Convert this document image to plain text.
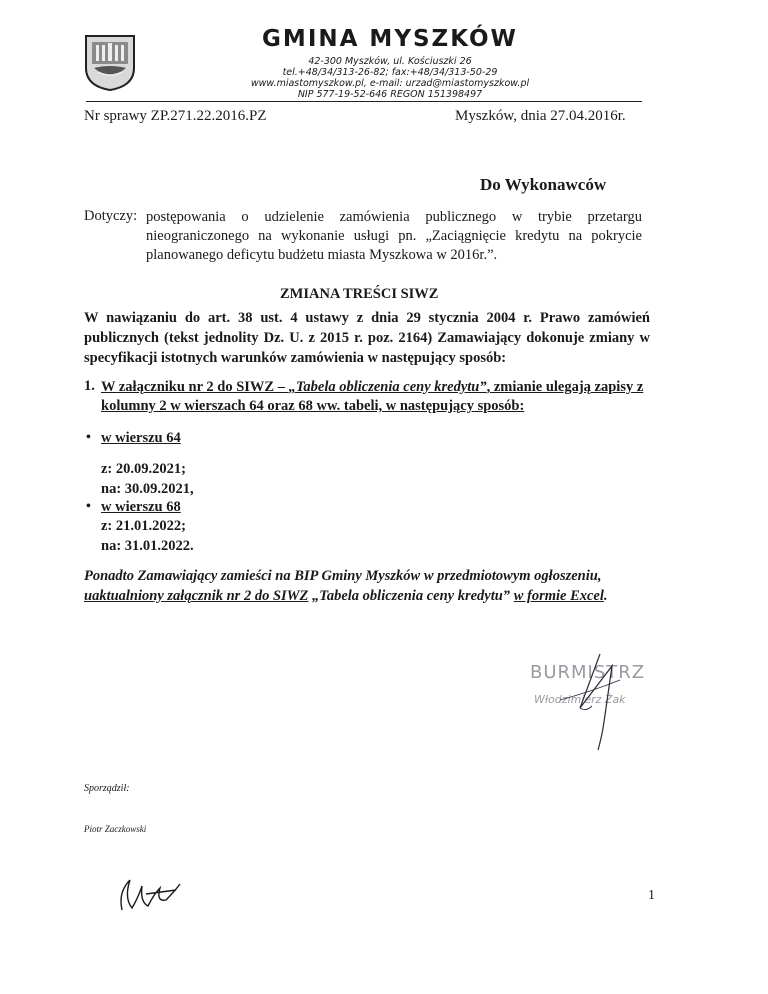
GMINA MYSZKÓW
42-300 Myszków, ul. Kościuszki 26
tel.+48/34/313-26-82; fax:+48/34/313-50-29
www.miastomyszkow.pl, e-mail: urzad@miastomyszkow.pl
NIP 577-19-52-646 REGON 151398497
Nr sprawy ZP.271.22.2016.PZ	Myszków, dnia 27.04.2016r.
Do Wykonawców
Dotyczy: postępowania o udzielenie zamówienia publicznego w trybie przetargu nieograniczonego na wykonanie usługi pn. „Zaciągnięcie kredytu na pokrycie planowanego deficytu budżetu miasta Myszkowa w 2016r.”.
ZMIANA TREŚCI SIWZ
W nawiązaniu do art. 38 ust. 4 ustawy z dnia 29 stycznia 2004 r. Prawo zamówień publicznych (tekst jednolity Dz. U. z 2015 r. poz. 2164) Zamawiający dokonuje zmiany w specyfikacji istotnych warunków zamówienia w następujący sposób:
1. W załączniku nr 2 do SIWZ – „Tabela obliczenia ceny kredytu”, zmianie ulegają zapisy z kolumny 2 w wierszach 64 oraz 68 ww. tabeli, w następujący sposób:
• w wierszu 64
z: 20.09.2021;
na: 30.09.2021,
• w wierszu 68
z: 21.01.2022;
na: 31.01.2022.
Ponadto Zamawiający zamieści na BIP Gminy Myszków w przedmiotowym ogłoszeniu,
uaktualniony załącznik nr 2 do SIWZ „Tabela obliczenia ceny kredytu” w formie Excel.
BURMISTRZ
Włodzimierz Żak
Sporządził:
Piotr Zaczkowski
1
